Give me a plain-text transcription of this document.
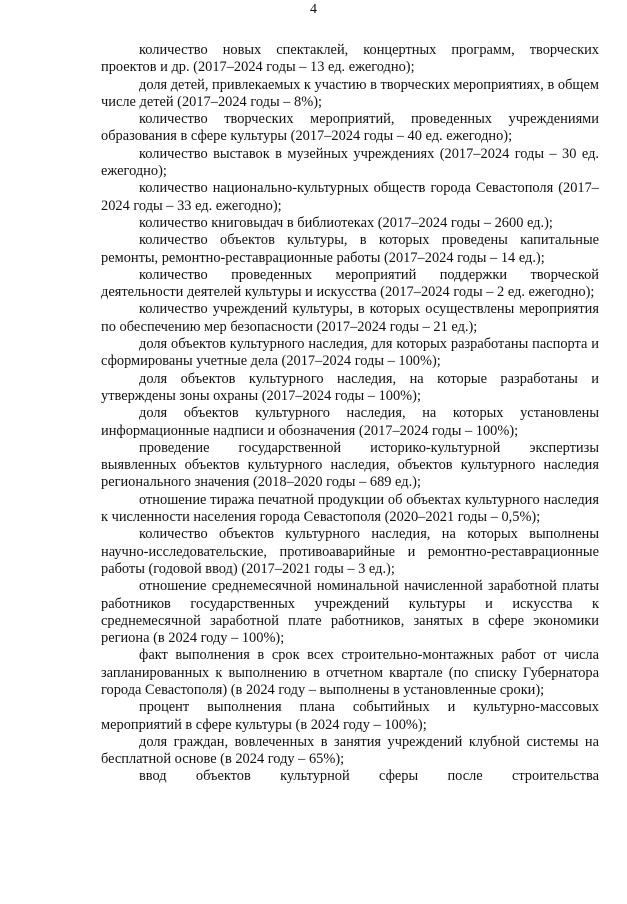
4

количество новых спектаклей, концертных программ, творческих проектов и др. (2017–2024 годы – 13 ед. ежегодно);

доля детей, привлекаемых к участию в творческих мероприятиях, в общем числе детей (2017–2024 годы – 8%);

количество творческих мероприятий, проведенных учреждениями образования в сфере культуры (2017–2024 годы – 40 ед. ежегодно);

количество выставок в музейных учреждениях (2017–2024 годы – 30 ед. ежегодно);

количество национально-культурных обществ города Севастополя (2017–2024 годы – 33 ед. ежегодно);

количество книговыдач в библиотеках (2017–2024 годы – 2600 ед.);

количество объектов культуры, в которых проведены капитальные ремонты, ремонтно-реставрационные работы (2017–2024 годы – 14 ед.);

количество проведенных мероприятий поддержки творческой деятельности деятелей культуры и искусства (2017–2024 годы – 2 ед. ежегодно);

количество учреждений культуры, в которых осуществлены мероприятия по обеспечению мер безопасности (2017–2024 годы – 21 ед.);

доля объектов культурного наследия, для которых разработаны паспорта и сформированы учетные дела (2017–2024 годы – 100%);

доля объектов культурного наследия, на которые разработаны и утверждены зоны охраны (2017–2024 годы – 100%);

доля объектов культурного наследия, на которых установлены информационные надписи и обозначения (2017–2024 годы – 100%);

проведение государственной историко-культурной экспертизы выявленных объектов культурного наследия, объектов культурного наследия регионального значения (2018–2020 годы – 689 ед.);

отношение тиража печатной продукции об объектах культурного наследия к численности населения города Севастополя (2020–2021 годы – 0,5%);

количество объектов культурного наследия, на которых выполнены научно-исследовательские, противоаварийные и ремонтно-реставрационные работы (годовой ввод) (2017–2021 годы – 3 ед.);

отношение среднемесячной номинальной начисленной заработной платы работников государственных учреждений культуры и искусства к среднемесячной заработной плате работников, занятых в сфере экономики региона (в 2024 году – 100%);

факт выполнения в срок всех строительно-монтажных работ от числа запланированных к выполнению в отчетном квартале (по списку Губернатора города Севастополя) (в 2024 году – выполнены в установленные сроки);

процент выполнения плана событийных и культурно-массовых мероприятий в сфере культуры (в 2024 году – 100%);

доля граждан, вовлеченных в занятия учреждений клубной системы на бесплатной основе (в 2024 году – 65%);

ввод объектов культурной сферы после строительства
